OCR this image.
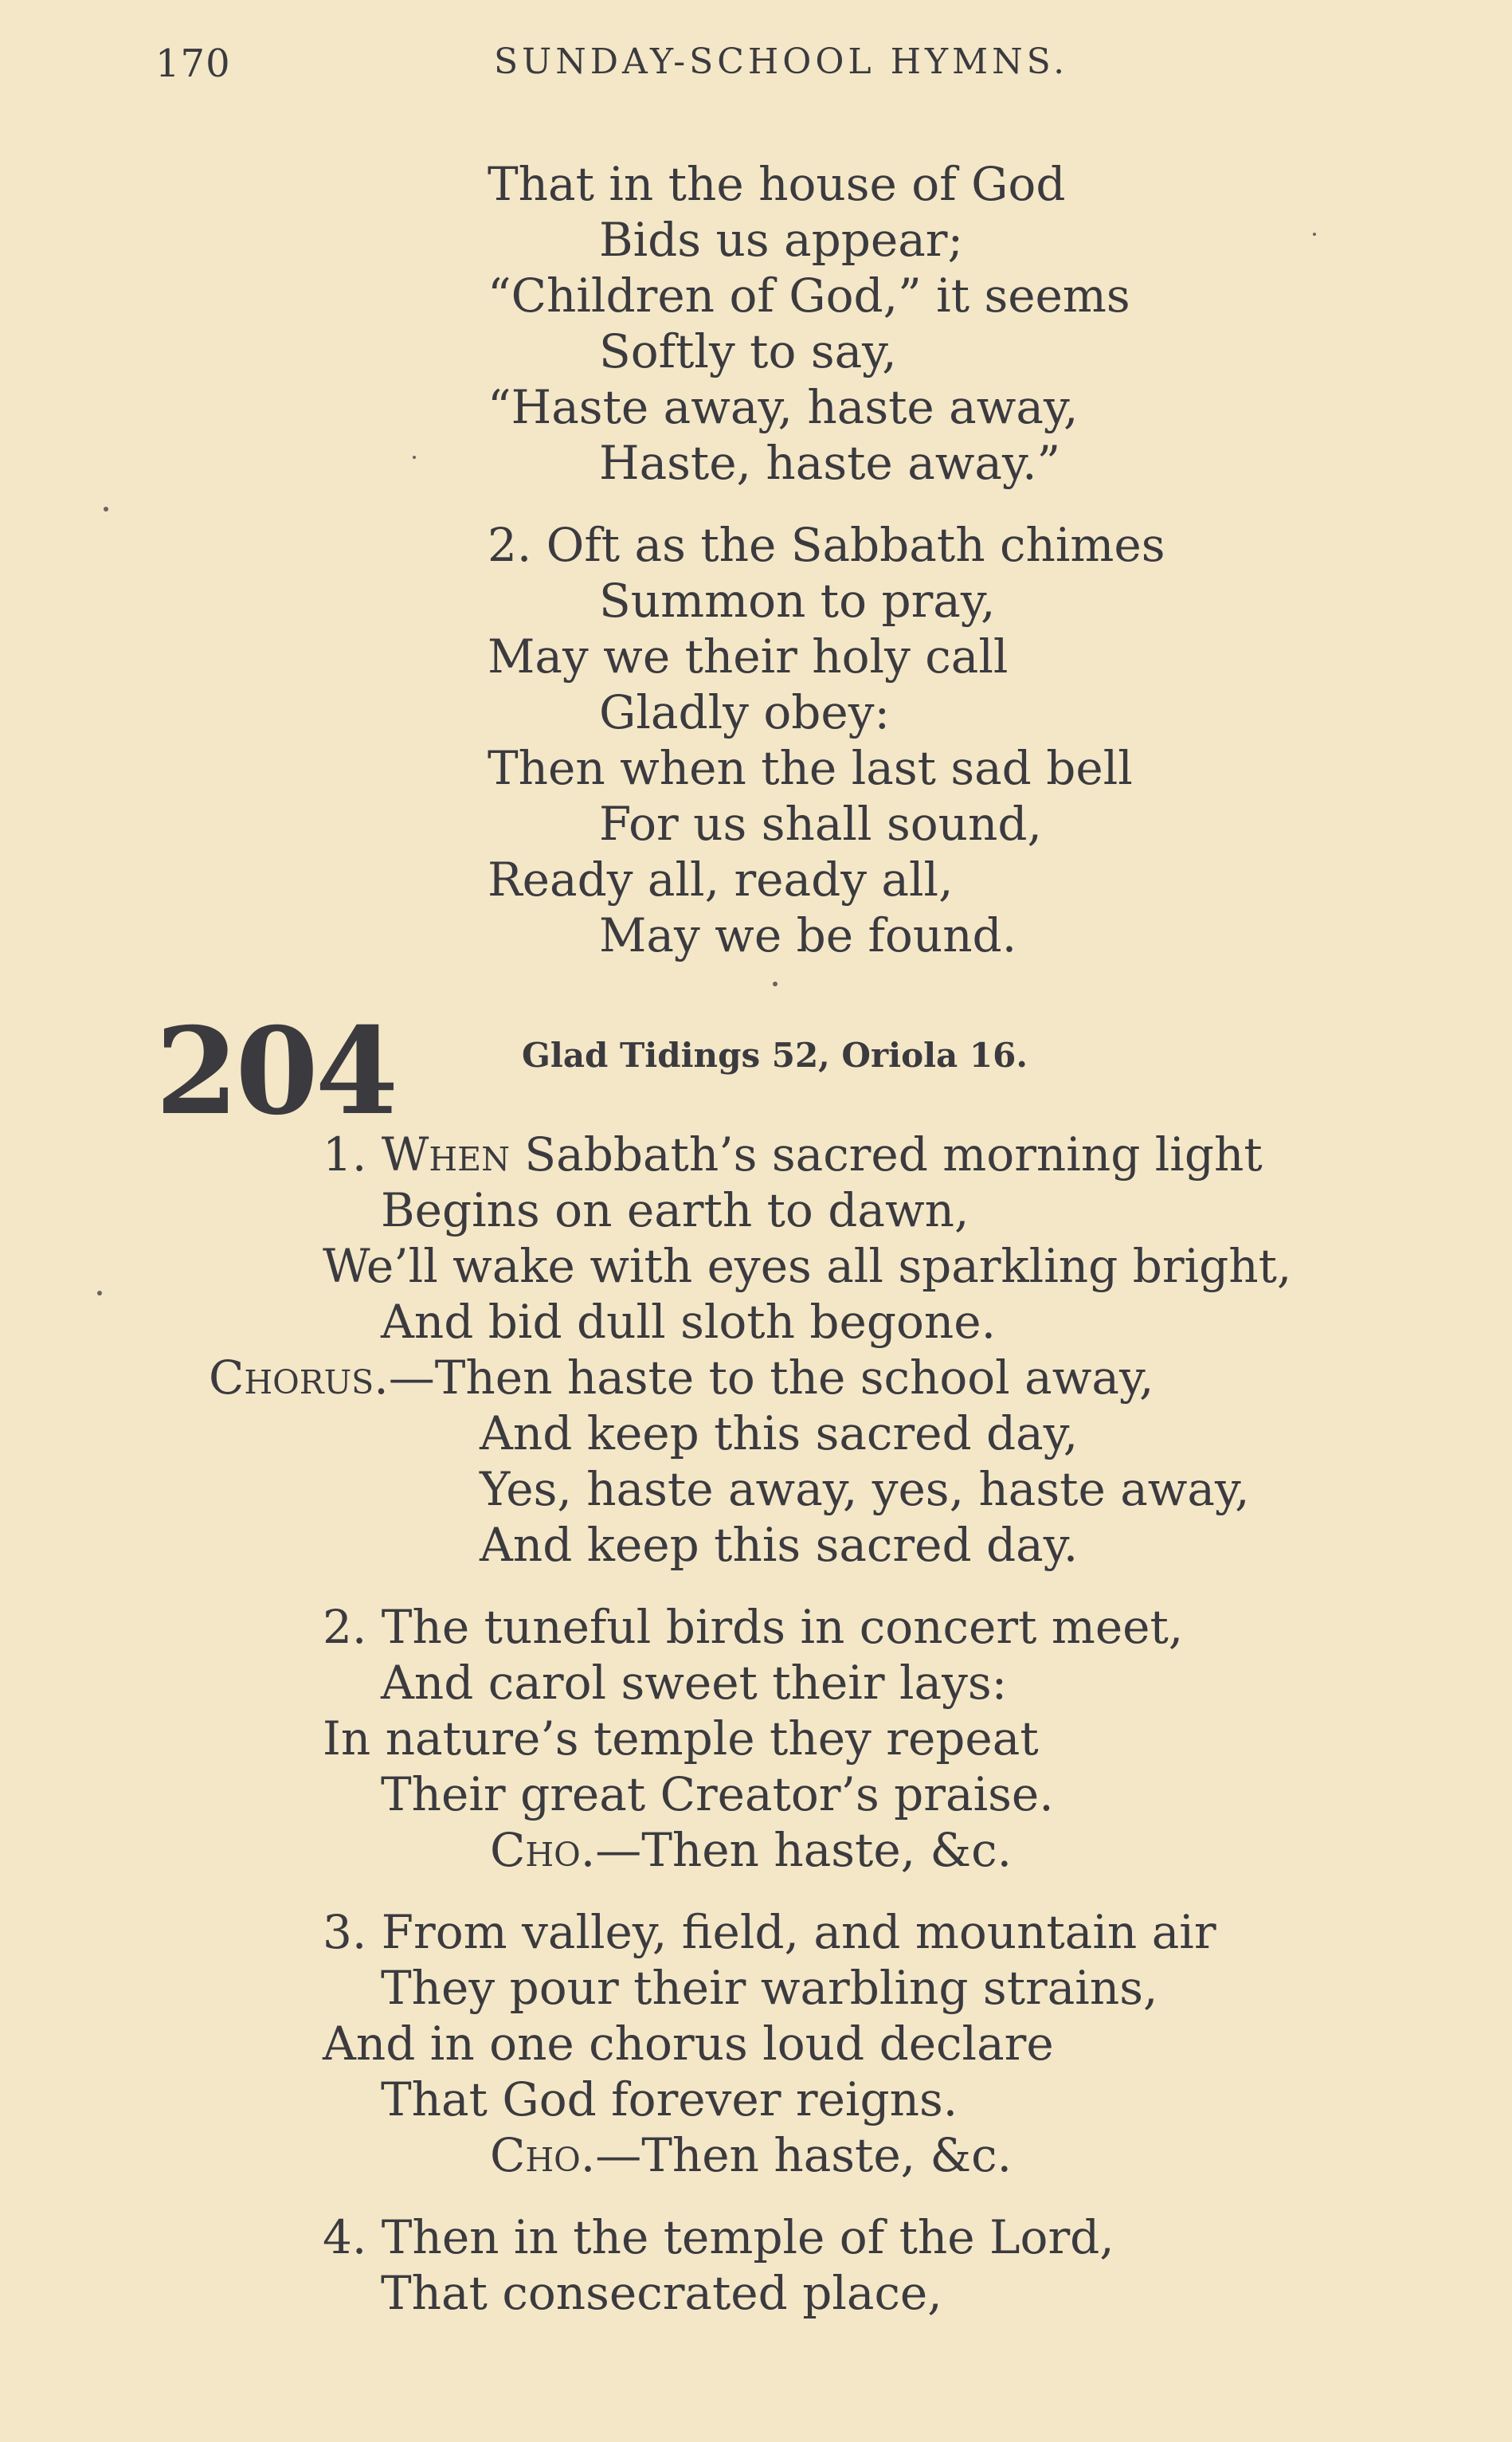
170	SUNDAY-SCHOOL HYMNS.
That in the house of God
Bids us appear;
“Children of God,” it seems
Softly to say,
“Haste away, haste away,
Haste, haste away.”
2. Oft as the Sabbath chimes
Summon to pray,
May we their holy call
Gladly obey:
Then when the last sad bell
For us shall sound,
Ready all, ready all,
May we be found.
204	Glad Tidings 52, Oriola 16.
1. When Sabbath’s sacred morning light
Begins on earth to dawn,
We’ll wake with eyes all sparkling bright,
And bid dull sloth begone.
Chorus.—Then haste to the school away,
And keep this sacred day,
Yes, haste away, yes, haste away,
And keep this sacred day.
2. The tuneful birds in concert meet,
And carol sweet their lays:
In nature’s temple they repeat
Their great Creator’s praise.
Cho.—Then haste, &c.
3. From valley, field, and mountain air
They pour their warbling strains,
And in one chorus loud declare
That God forever reigns.
Cho.—Then haste, &c.
4. Then in the temple of the Lord,
That consecrated place,
